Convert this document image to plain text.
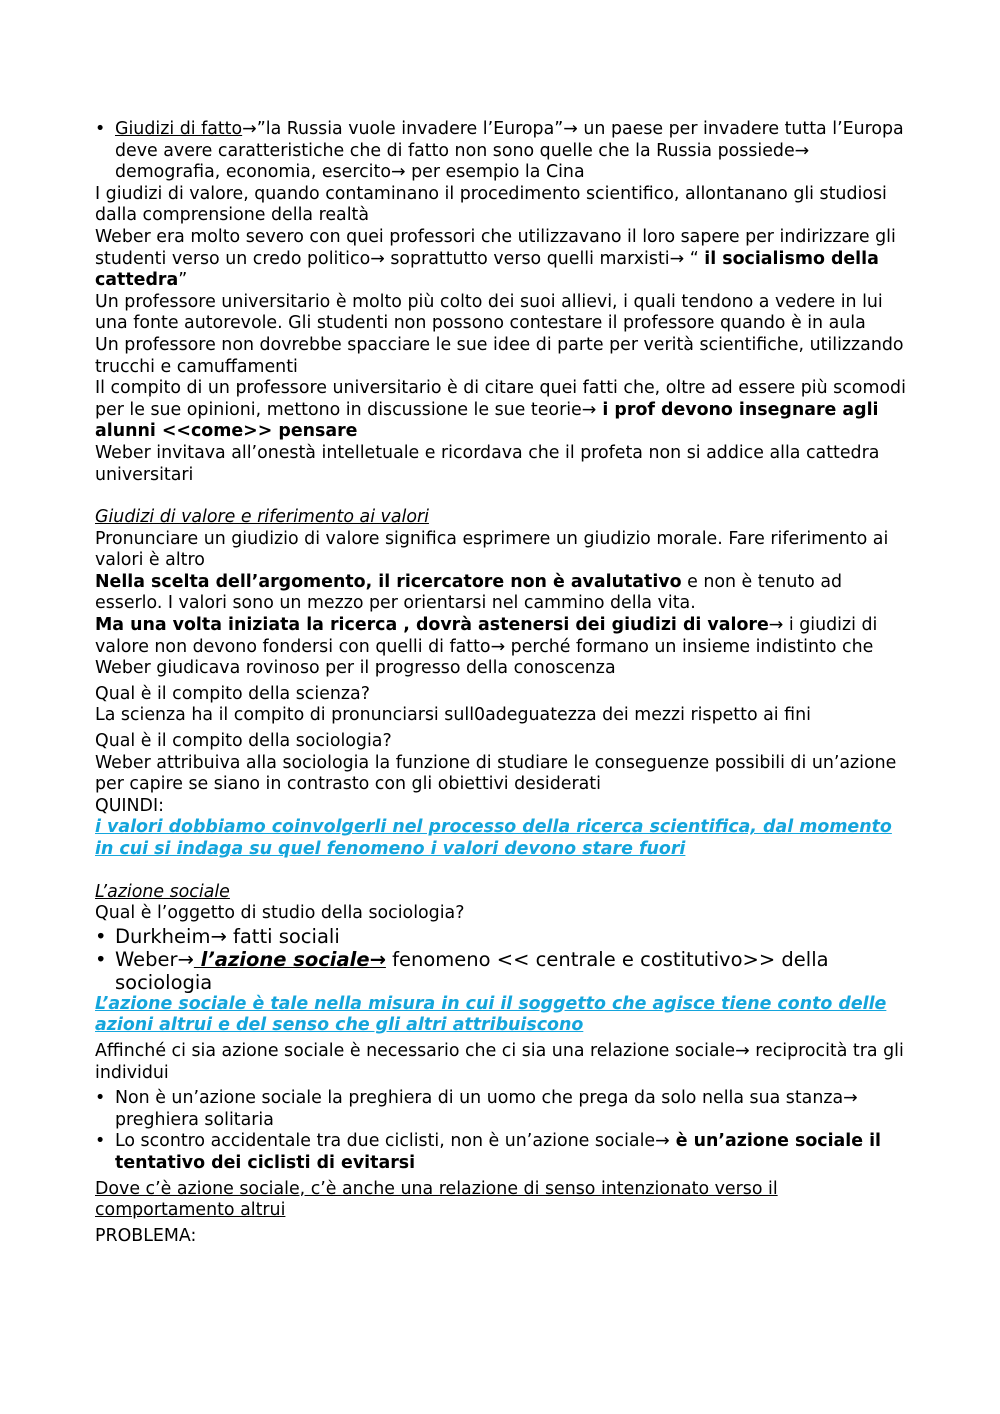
• Giudizi di fatto→”la Russia vuole invadere l’Europa”→ un paese per invadere tutta l’Europa deve avere caratteristiche che di fatto non sono quelle che la Russia possiede→ demografia, economia, esercito→ per esempio la Cina

I giudizi di valore, quando contaminano il procedimento scientifico, allontanano gli studiosi dalla comprensione della realtà

Weber era molto severo con quei professori che utilizzavano il loro sapere per indirizzare gli studenti verso un credo politico→ soprattutto verso quelli marxisti→ “ il socialismo della cattedra”

Un professore universitario è molto più colto dei suoi allievi, i quali tendono a vedere in lui una fonte autorevole. Gli studenti non possono contestare il professore quando è in aula

Un professore non dovrebbe spacciare le sue idee di parte per verità scientifiche, utilizzando trucchi e camuffamenti

Il compito di un professore universitario è di citare quei fatti che, oltre ad essere più scomodi per le sue opinioni, mettono in discussione le sue teorie→ i prof devono insegnare agli alunni <<come>> pensare

Weber invitava all’onestà intelletuale e ricordava che il profeta non si addice alla cattedra universitari

Giudizi di valore e riferimento ai valori

Pronunciare un giudizio di valore significa esprimere un giudizio morale. Fare riferimento ai valori è altro

Nella scelta dell’argomento, il ricercatore non è avalutativo e non è tenuto ad esserlo. I valori sono un mezzo per orientarsi nel cammino della vita.

Ma una volta iniziata la ricerca , dovrà astenersi dei giudizi di valore→ i giudizi di valore non devono fondersi con quelli di fatto→ perché formano un insieme indistinto che Weber giudicava rovinoso per il progresso della conoscenza

Qual è il compito della scienza?

La scienza ha il compito di pronunciarsi sull0adeguatezza dei mezzi rispetto ai fini

Qual è il compito della sociologia?

Weber attribuiva alla sociologia la funzione di studiare le conseguenze possibili di un’azione per capire se siano in contrasto con gli obiettivi desiderati

QUINDI:

i valori dobbiamo coinvolgerli nel processo della ricerca scientifica, dal momento in cui si indaga su quel fenomeno i valori devono stare fuori

L’azione sociale

Qual è l’oggetto di studio della sociologia?

• Durkheim→ fatti sociali

• Weber→ l’azione sociale→ fenomeno << centrale e costitutivo>> della sociologia

L’azione sociale è tale nella misura in cui il soggetto che agisce tiene conto delle azioni altrui e del senso che gli altri attribuiscono

Affinché ci sia azione sociale è necessario che ci sia una relazione sociale→ reciprocità tra gli individui

• Non è un’azione sociale la preghiera di un uomo che prega da solo nella sua stanza→ preghiera solitaria

• Lo scontro accidentale tra due ciclisti, non è un’azione sociale→ è un’azione sociale il tentativo dei ciclisti di evitarsi

Dove c’è azione sociale, c’è anche una relazione di senso intenzionato verso il comportamento altrui

PROBLEMA:
